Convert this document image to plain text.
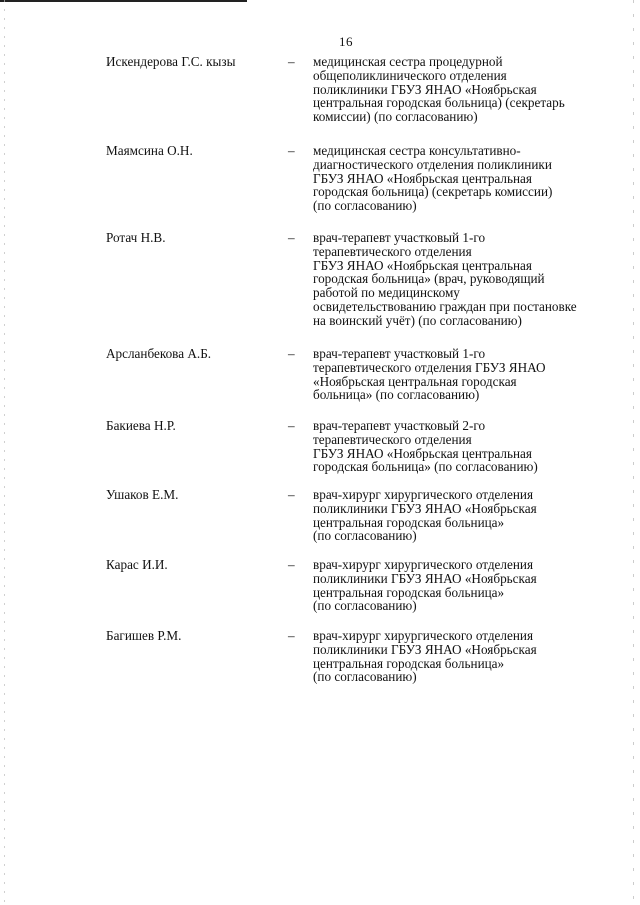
16
Искендерова Г.С. кызы	– медицинская сестра процедурной
общеполиклинического отделения
поликлиники ГБУЗ ЯНАО «Ноябрьская
центральная городская больница) (секретарь
комиссии) (по согласованию)
Маямсина О.Н.	– медицинская сестра консультативно-
диагностического отделения поликлиники
ГБУЗ ЯНАО «Ноябрьская центральная
городская больница) (секретарь комиссии)
(по согласованию)
Ротач Н.В.	– врач-терапевт участковый 1-го
терапевтического отделения
ГБУЗ ЯНАО «Ноябрьская центральная
городская больница» (врач, руководящий
работой по медицинскому
освидетельствованию граждан при постановке
на воинский учёт) (по согласованию)
Арсланбекова А.Б.	– врач-терапевт участковый 1-го
терапевтического отделения ГБУЗ ЯНАО
«Ноябрьская центральная городская
больница» (по согласованию)
Бакиева Н.Р.	– врач-терапевт участковый 2-го
терапевтического отделения
ГБУЗ ЯНАО «Ноябрьская центральная
городская больница» (по согласованию)
Ушаков Е.М.	– врач-хирург хирургического отделения
поликлиники ГБУЗ ЯНАО «Ноябрьская
центральная городская больница»
(по согласованию)
Карас И.И.	– врач-хирург хирургического отделения
поликлиники ГБУЗ ЯНАО «Ноябрьская
центральная городская больница»
(по согласованию)
Багишев Р.М.	– врач-хирург хирургического отделения
поликлиники ГБУЗ ЯНАО «Ноябрьская
центральная городская больница»
(по согласованию)
